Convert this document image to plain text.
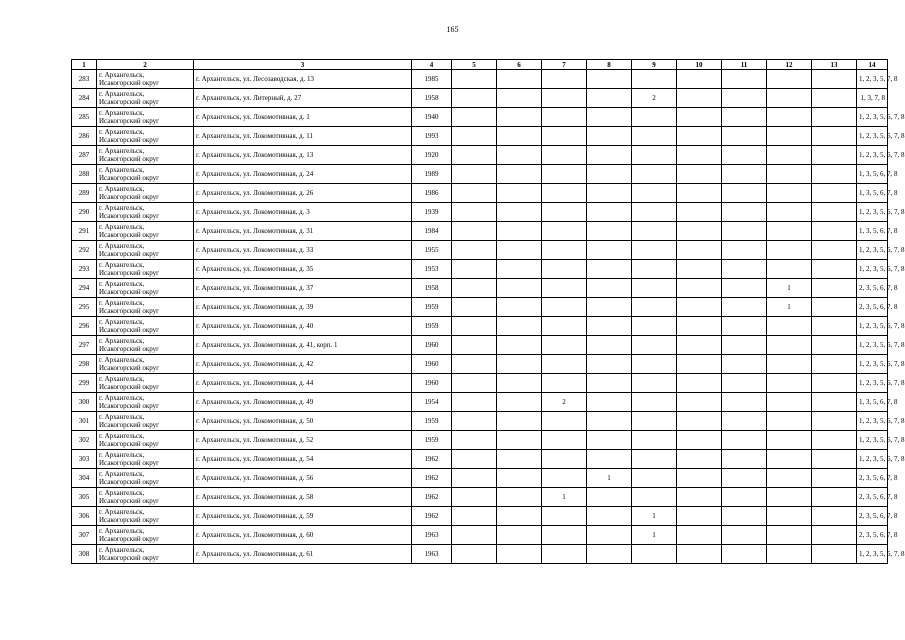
165
1	2	3	4	5	6	7	8	9	10	11	12	13	14
283	г. Архангельск,
Исакогорский округ	г. Архангельск, ул. Лесозаводская, д. 13	1985										1, 2, 3, 5, 7, 8
284	г. Архангельск,
Исакогорский округ	г. Архангельск, ул. Литерный, д. 27	1958					2					1, 3, 7, 8
285	г. Архангельск,
Исакогорский округ	г. Архангельск, ул. Локомотивная, д. 1	1940										1, 2, 3, 5, 6, 7, 8
286	г. Архангельск,
Исакогорский округ	г. Архангельск, ул. Локомотивная, д. 11	1993										1, 2, 3, 5, 6, 7, 8
287	г. Архангельск,
Исакогорский округ	г. Архангельск, ул. Локомотивная, д. 13	1920										1, 2, 3, 5, 6, 7, 8
288	г. Архангельск,
Исакогорский округ	г. Архангельск, ул. Локомотивная, д. 24	1989										1, 3, 5, 6, 7, 8
289	г. Архангельск,
Исакогорский округ	г. Архангельск, ул. Локомотивная, д. 26	1986										1, 3, 5, 6, 7, 8
290	г. Архангельск,
Исакогорский округ	г. Архангельск, ул. Локомотивная, д. 3	1939										1, 2, 3, 5, 6, 7, 8
291	г. Архангельск,
Исакогорский округ	г. Архангельск, ул. Локомотивная, д. 31	1984										1, 3, 5, 6, 7, 8
292	г. Архангельск,
Исакогорский округ	г. Архангельск, ул. Локомотивная, д. 33	1955										1, 2, 3, 5, 6, 7, 8
293	г. Архангельск,
Исакогорский округ	г. Архангельск, ул. Локомотивная, д. 35	1953										1, 2, 3, 5, 6, 7, 8
294	г. Архангельск,
Исакогорский округ	г. Архангельск, ул. Локомотивная, д. 37	1958								1		2, 3, 5, 6, 7, 8
295	г. Архангельск,
Исакогорский округ	г. Архангельск, ул. Локомотивная, д. 39	1959								1		2, 3, 5, 6, 7, 8
296	г. Архангельск,
Исакогорский округ	г. Архангельск, ул. Локомотивная, д. 40	1959										1, 2, 3, 5, 6, 7, 8
297	г. Архангельск,
Исакогорский округ	г. Архангельск, ул. Локомотивная, д. 41, корп. 1	1960										1, 2, 3, 5, 6, 7, 8
298	г. Архангельск,
Исакогорский округ	г. Архангельск, ул. Локомотивная, д. 42	1960										1, 2, 3, 5, 6, 7, 8
299	г. Архангельск,
Исакогорский округ	г. Архангельск, ул. Локомотивная, д. 44	1960										1, 2, 3, 5, 6, 7, 8
300	г. Архангельск,
Исакогорский округ	г. Архангельск, ул. Локомотивная, д. 49	1954			2							1, 3, 5, 6, 7, 8
301	г. Архангельск,
Исакогорский округ	г. Архангельск, ул. Локомотивная, д. 50	1959										1, 2, 3, 5, 6, 7, 8
302	г. Архангельск,
Исакогорский округ	г. Архангельск, ул. Локомотивная, д. 52	1959										1, 2, 3, 5, 6, 7, 8
303	г. Архангельск,
Исакогорский округ	г. Архангельск, ул. Локомотивная, д. 54	1962										1, 2, 3, 5, 6, 7, 8
304	г. Архангельск,
Исакогорский округ	г. Архангельск, ул. Локомотивная, д. 56	1962				1						2, 3, 5, 6, 7, 8
305	г. Архангельск,
Исакогорский округ	г. Архангельск, ул. Локомотивная, д. 58	1962			1							2, 3, 5, 6, 7, 8
306	г. Архангельск,
Исакогорский округ	г. Архангельск, ул. Локомотивная, д. 59	1962					1					2, 3, 5, 6, 7, 8
307	г. Архангельск,
Исакогорский округ	г. Архангельск, ул. Локомотивная, д. 60	1963					1					2, 3, 5, 6, 7, 8
308	г. Архангельск,
Исакогорский округ	г. Архангельск, ул. Локомотивная, д. 61	1963										1, 2, 3, 5, 6, 7, 8
